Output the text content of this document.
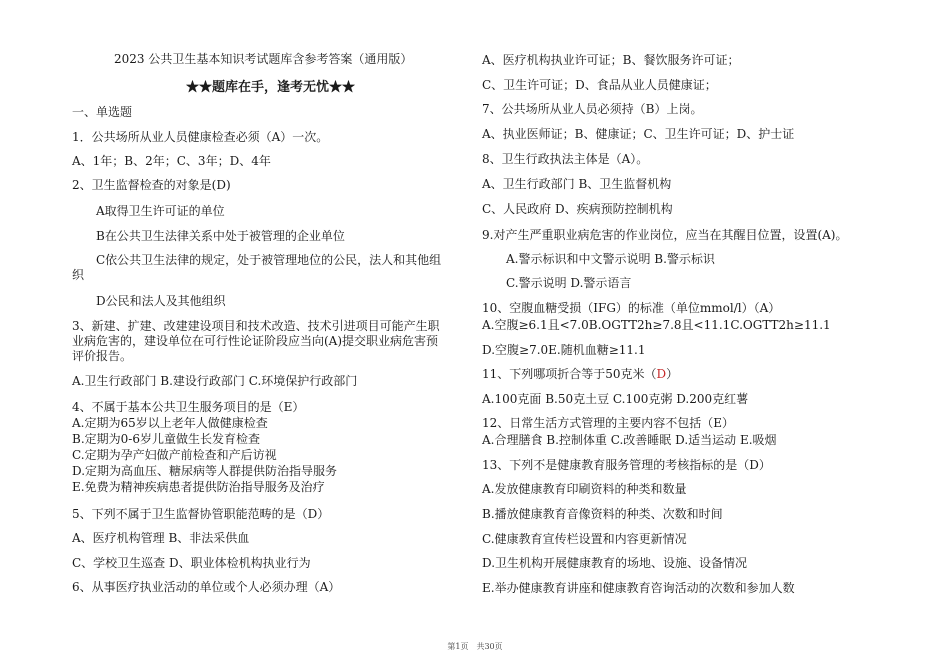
2023 公共卫生基本知识考试题库含参考答案（通用版）
★★题库在手，逢考无忧★★
一、单选题
1．公共场所从业人员健康检查必须（A）一次。
A、1年；B、2年；C、3年；D、4年
2、卫生监督检查的对象是(D)
A取得卫生许可证的单位
B在公共卫生法律关系中处于被管理的企业单位
C依公共卫生法律的规定，处于被管理地位的公民，法人和其他组
织
D公民和法人及其他组织
3、新建、扩建、改建建设项目和技术改造、技术引进项目可能产生职
业病危害的，建设单位在可行性论证阶段应当向(A)提交职业病危害预
评价报告。
A.卫生行政部门 B.建设行政部门 C.环境保护行政部门
4、不属于基本公共卫生服务项目的是（E）
A.定期为65岁以上老年人做健康检查
B.定期为0-6岁儿童做生长发育检查
C.定期为孕产妇做产前检查和产后访视
D.定期为高血压、糖尿病等人群提供防治指导服务
E.免费为精神疾病患者提供防治指导服务及治疗
5、下列不属于卫生监督协管职能范畴的是（D）
A、医疗机构管理 B、非法采供血
C、学校卫生巡查 D、职业体检机构执业行为
6、从事医疗执业活动的单位或个人必须办理（A）
A、医疗机构执业许可证；B、餐饮服务许可证；
C、卫生许可证；D、食品从业人员健康证；
7、公共场所从业人员必须持（B）上岗。
A、执业医师证；B、健康证；C、卫生许可证；D、护士证
8、卫生行政执法主体是（A）。
A、卫生行政部门 B、卫生监督机构
C、人民政府 D、疾病预防控制机构
9.对产生严重职业病危害的作业岗位，应当在其醒目位置，设置(A)。
A.警示标识和中文警示说明 B.警示标识
C.警示说明 D.警示语言
10、空腹血糖受损（IFG）的标准（单位mmol/l）（A）
A.空腹≥6.1且<7.0B.OGTT2h≥7.8且<11.1C.OGTT2h≥11.1
D.空腹≥7.0E.随机血糖≥11.1
11、下列哪项折合等于50克米（D）
A.100克面 B.50克土豆 C.100克粥 D.200克红薯
12、日常生活方式管理的主要内容不包括（E）
A.合理膳食 B.控制体重 C.改善睡眠 D.适当运动 E.吸烟
13、下列不是健康教育服务管理的考核指标的是（D）
A.发放健康教育印刷资料的种类和数量
B.播放健康教育音像资料的种类、次数和时间
C.健康教育宣传栏设置和内容更新情况
D.卫生机构开展健康教育的场地、设施、设备情况
E.举办健康教育讲座和健康教育咨询活动的次数和参加人数
第1页　共30页
